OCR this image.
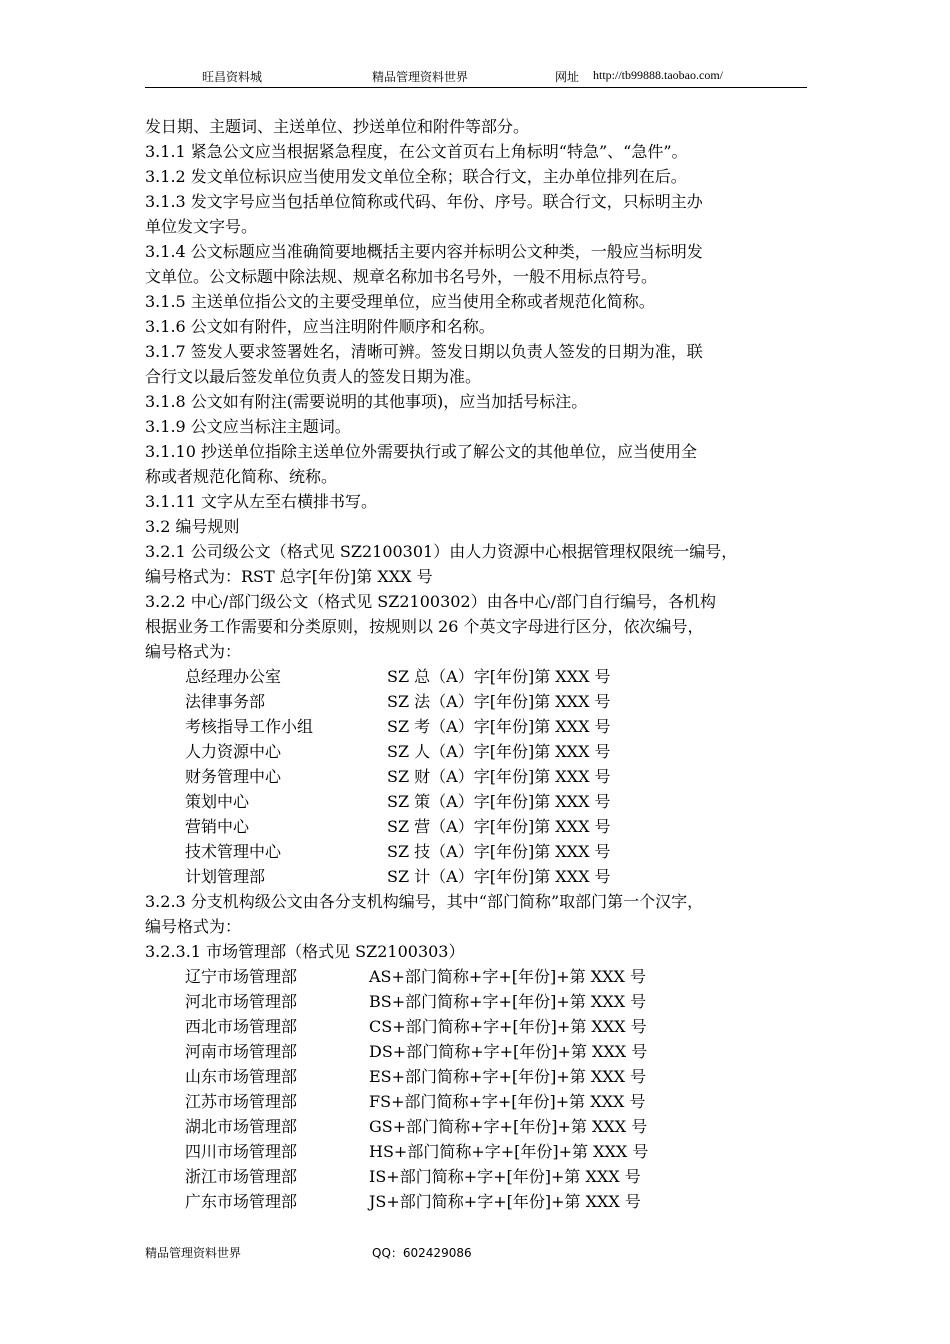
旺昌资料城	精品管理资料世界	网址 http://tb99888.taobao.com/

发日期、主题词、主送单位、抄送单位和附件等部分。

3.1.1 紧急公文应当根据紧急程度，在公文首页右上角标明“特急”、“急件”。

3.1.2 发文单位标识应当使用发文单位全称；联合行文，主办单位排列在后。

3.1.3 发文字号应当包括单位简称或代码、年份、序号。联合行文，只标明主办

单位发文字号。

3.1.4 公文标题应当准确简要地概括主要内容并标明公文种类，一般应当标明发

文单位。公文标题中除法规、规章名称加书名号外，一般不用标点符号。

3.1.5 主送单位指公文的主要受理单位，应当使用全称或者规范化简称。

3.1.6 公文如有附件，应当注明附件顺序和名称。

3.1.7 签发人要求签署姓名，清晰可辨。签发日期以负责人签发的日期为准，联

合行文以最后签发单位负责人的签发日期为准。

3.1.8 公文如有附注(需要说明的其他事项)，应当加括号标注。

3.1.9 公文应当标注主题词。

3.1.10 抄送单位指除主送单位外需要执行或了解公文的其他单位，应当使用全

称或者规范化简称、统称。

3.1.11 文字从左至右横排书写。

3.2 编号规则

3.2.1 公司级公文（格式见 SZ2100301）由人力资源中心根据管理权限统一编号，

编号格式为：RST 总字[年份]第 XXX 号

3.2.2 中心/部门级公文（格式见 SZ2100302）由各中心/部门自行编号，各机构

根据业务工作需要和分类原则，按规则以 26 个英文字母进行区分，依次编号，

编号格式为：

总经理办公室	SZ 总（A）字[年份]第 XXX 号
法律事务部	SZ 法（A）字[年份]第 XXX 号
考核指导工作小组	SZ 考（A）字[年份]第 XXX 号
人力资源中心	SZ 人（A）字[年份]第 XXX 号
财务管理中心	SZ 财（A）字[年份]第 XXX 号
策划中心	SZ 策（A）字[年份]第 XXX 号
营销中心	SZ 营（A）字[年份]第 XXX 号
技术管理中心	SZ 技（A）字[年份]第 XXX 号
计划管理部	SZ 计（A）字[年份]第 XXX 号

3.2.3 分支机构级公文由各分支机构编号，其中“部门简称”取部门第一个汉字，

编号格式为：

3.2.3.1 市场管理部（格式见 SZ2100303）

辽宁市场管理部	AS+部门简称+字+[年份]+第 XXX 号
河北市场管理部	BS+部门简称+字+[年份]+第 XXX 号
西北市场管理部	CS+部门简称+字+[年份]+第 XXX 号
河南市场管理部	DS+部门简称+字+[年份]+第 XXX 号
山东市场管理部	ES+部门简称+字+[年份]+第 XXX 号
江苏市场管理部	FS+部门简称+字+[年份]+第 XXX 号
湖北市场管理部	GS+部门简称+字+[年份]+第 XXX 号
四川市场管理部	HS+部门简称+字+[年份]+第 XXX 号
浙江市场管理部	IS+部门简称+字+[年份]+第 XXX 号
广东市场管理部	JS+部门简称+字+[年份]+第 XXX 号
精品管理资料世界	QQ：602429086
